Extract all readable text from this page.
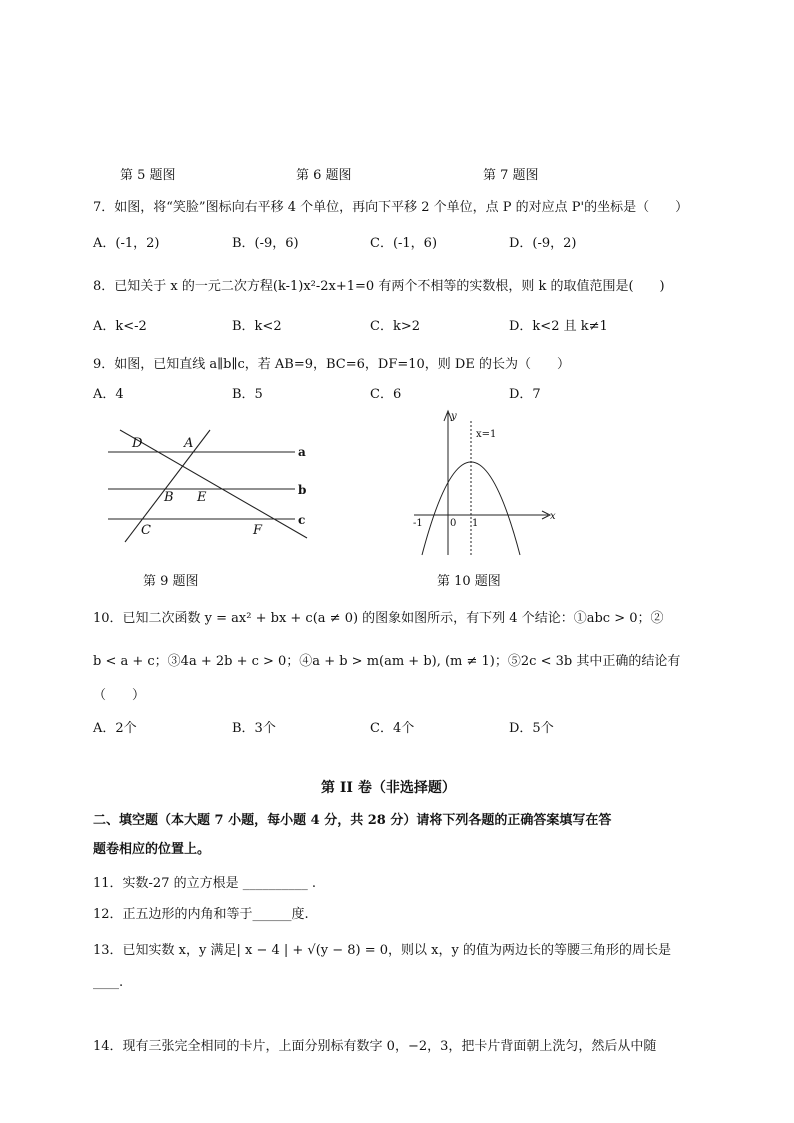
第 5 题图	第 6 题图	第 7 题图
7．如图，将“笑脸”图标向右平移 4 个单位，再向下平移 2 个单位，点 P 的对应点 P'的坐标是（　　）
A．(-1，2)	B．(-9，6)	C．(-1，6)	D．(-9，2)
8．已知关于 x 的一元二次方程(k-1)x²-2x+1=0 有两个不相等的实数根，则 k 的取值范围是(　　)
A．k<-2	B．k<2	C．k>2	D．k<2 且 k≠1
9．如图，已知直线 a∥b∥c，若 AB=9，BC=6，DF=10，则 DE 的长为（　　）
A．4	B．5	C．6	D．7
D	A
B E
C	F
a
b
c
第 9 题图
y
x
x=1
-1	0 1
第 10 题图
10．已知二次函数 y = ax² + bx + c(a ≠ 0) 的图象如图所示，有下列 4 个结论：①abc > 0；②
b < a + c；③4a + 2b + c > 0；④a + b > m(am + b), (m ≠ 1)；⑤2c < 3b 其中正确的结论有
（　　）
A．2个	B．3个	C．4个	D．5个
第 II 卷（非选择题）
二、填空题（本大题 7 小题，每小题 4 分，共 28 分）请将下列各题的正确答案填写在答
题卷相应的位置上。
11．实数-27 的立方根是 __________ .
12．正五边形的内角和等于______度.
13．已知实数 x，y 满足| x − 4 | + √(y − 8) = 0，则以 x，y 的值为两边长的等腰三角形的周长是
____.
14．现有三张完全相同的卡片，上面分别标有数字 0，−2，3，把卡片背面朝上洗匀，然后从中随
